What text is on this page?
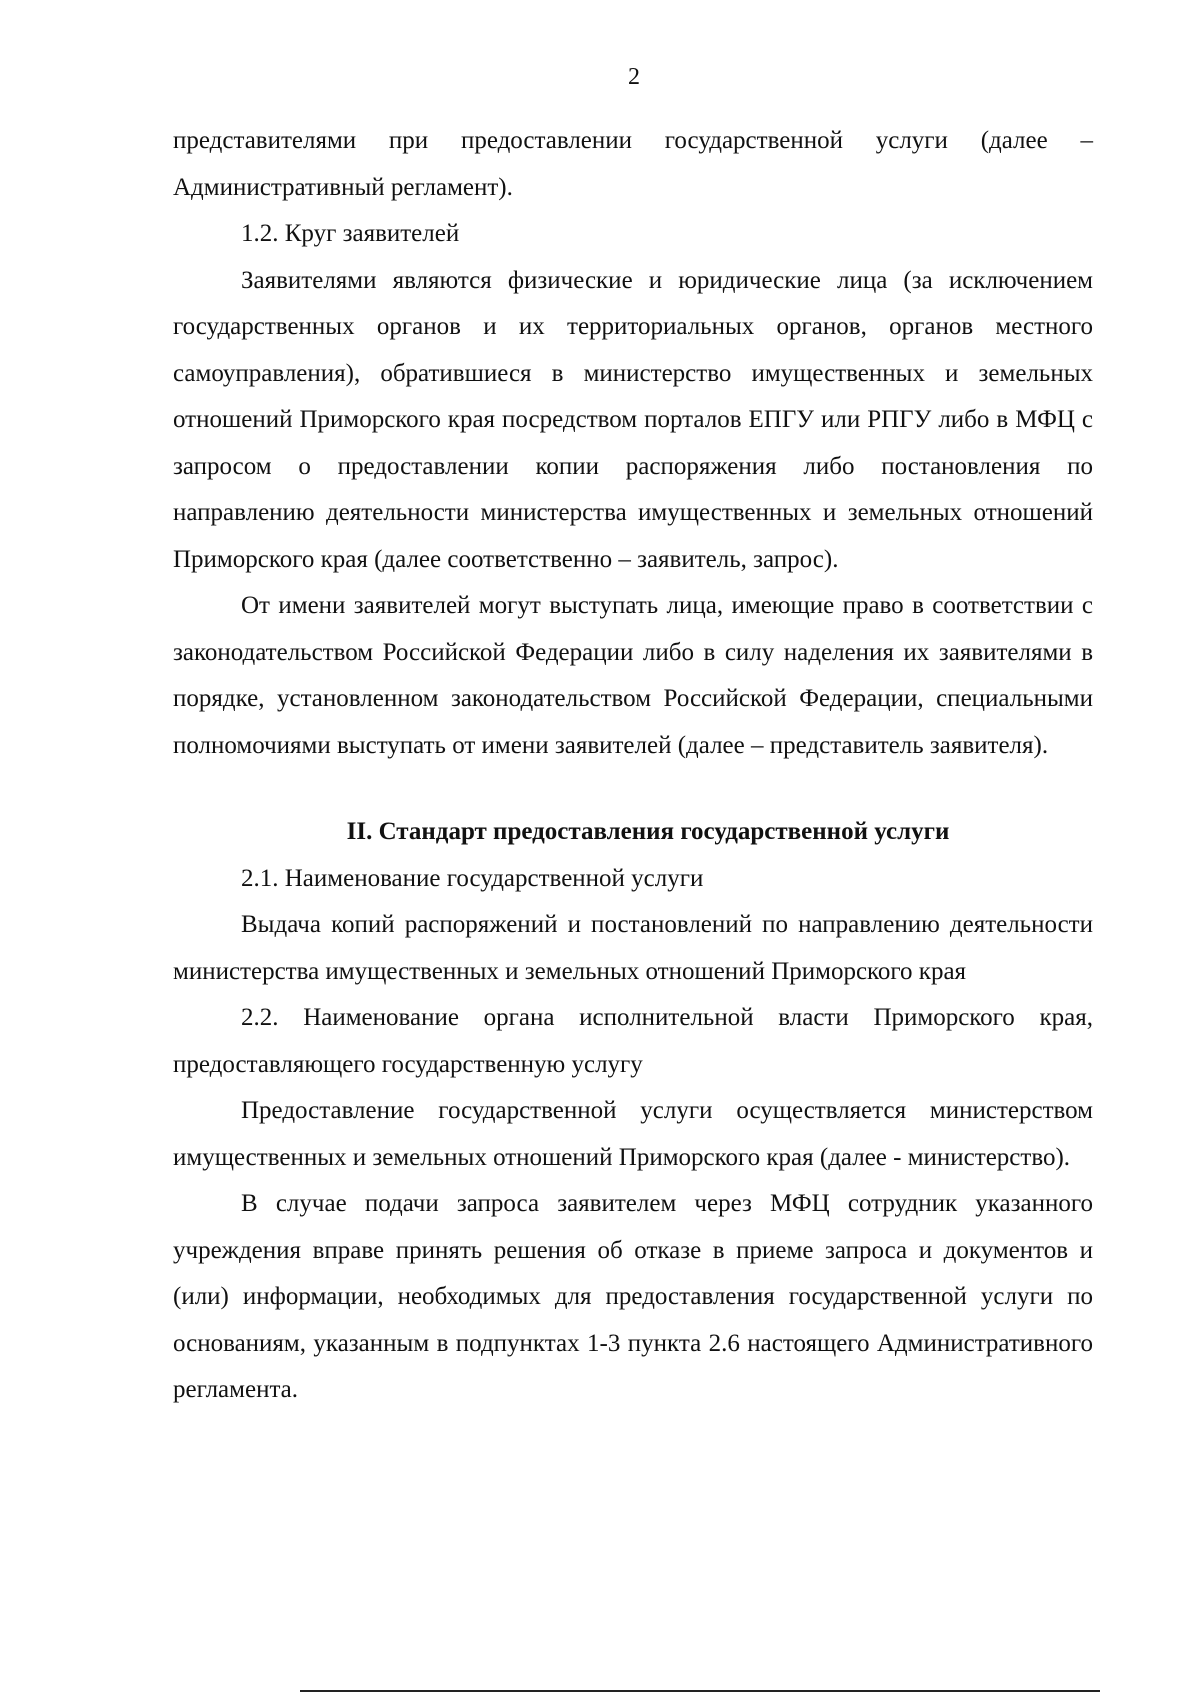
2

представителями при предоставлении государственной услуги (далее – Административный регламент).

1.2. Круг заявителей

Заявителями являются физические и юридические лица (за исключением государственных органов и их территориальных органов, органов местного самоуправления), обратившиеся в министерство имущественных и земельных отношений Приморского края посредством порталов ЕПГУ или РПГУ либо в МФЦ с запросом о предоставлении копии распоряжения либо постановления по направлению деятельности министерства имущественных и земельных отношений Приморского края (далее соответственно – заявитель, запрос).

От имени заявителей могут выступать лица, имеющие право в соответствии с законодательством Российской Федерации либо в силу наделения их заявителями в порядке, установленном законодательством Российской Федерации, специальными полномочиями выступать от имени заявителей (далее – представитель заявителя).

II. Стандарт предоставления государственной услуги

2.1. Наименование государственной услуги

Выдача копий распоряжений и постановлений по направлению деятельности министерства имущественных и земельных отношений Приморского края

2.2. Наименование органа исполнительной власти Приморского края, предоставляющего государственную услугу

Предоставление государственной услуги осуществляется министерством имущественных и земельных отношений Приморского края (далее - министерство).

В случае подачи запроса заявителем через МФЦ сотрудник указанного учреждения вправе принять решения об отказе в приеме запроса и документов и (или) информации, необходимых для предоставления государственной услуги по основаниям, указанным в подпунктах 1-3 пункта 2.6 настоящего Административного регламента.
